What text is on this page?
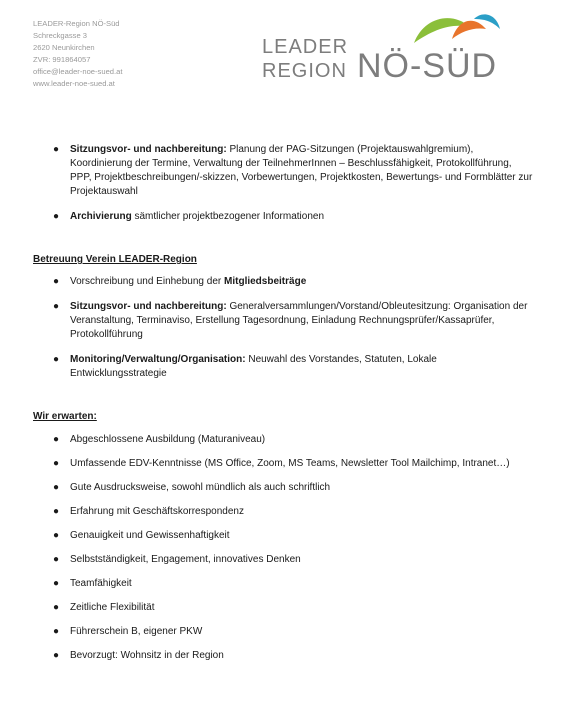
LEADER-Region NÖ-Süd
Schreckgasse 3
2620 Neunkirchen
ZVR: 991864057
office@leader-noe-sued.at
www.leader-noe-sued.at
LEADER
REGION NÖ-SÜD
● Sitzungsvor- und nachbereitung: Planung der PAG-Sitzungen (Projektauswahlgremium), Koordinierung der Termine, Verwaltung der TeilnehmerInnen – Beschlussfähigkeit, Protokollführung, PPP, Projektbeschreibungen/-skizzen, Vorbewertungen, Projektkosten, Bewertungs- und Formblätter zur Projektauswahl
● Archivierung sämtlicher projektbezogener Informationen
Betreuung Verein LEADER-Region
● Vorschreibung und Einhebung der Mitgliedsbeiträge
● Sitzungsvor- und nachbereitung: Generalversammlungen/Vorstand/Obleutesitzung: Organisation der Veranstaltung, Terminaviso, Erstellung Tagesordnung, Einladung Rechnungsprüfer/Kassaprüfer, Protokollführung
● Monitoring/Verwaltung/Organisation: Neuwahl des Vorstandes, Statuten, Lokale Entwicklungsstrategie
Wir erwarten:
● Abgeschlossene Ausbildung (Maturaniveau)
● Umfassende EDV-Kenntnisse (MS Office, Zoom, MS Teams, Newsletter Tool Mailchimp, Intranet…)
● Gute Ausdrucksweise, sowohl mündlich als auch schriftlich
● Erfahrung mit Geschäftskorrespondenz
● Genauigkeit und Gewissenhaftigkeit
● Selbstständigkeit, Engagement, innovatives Denken
● Teamfähigkeit
● Zeitliche Flexibilität
● Führerschein B, eigener PKW
● Bevorzugt: Wohnsitz in der Region
